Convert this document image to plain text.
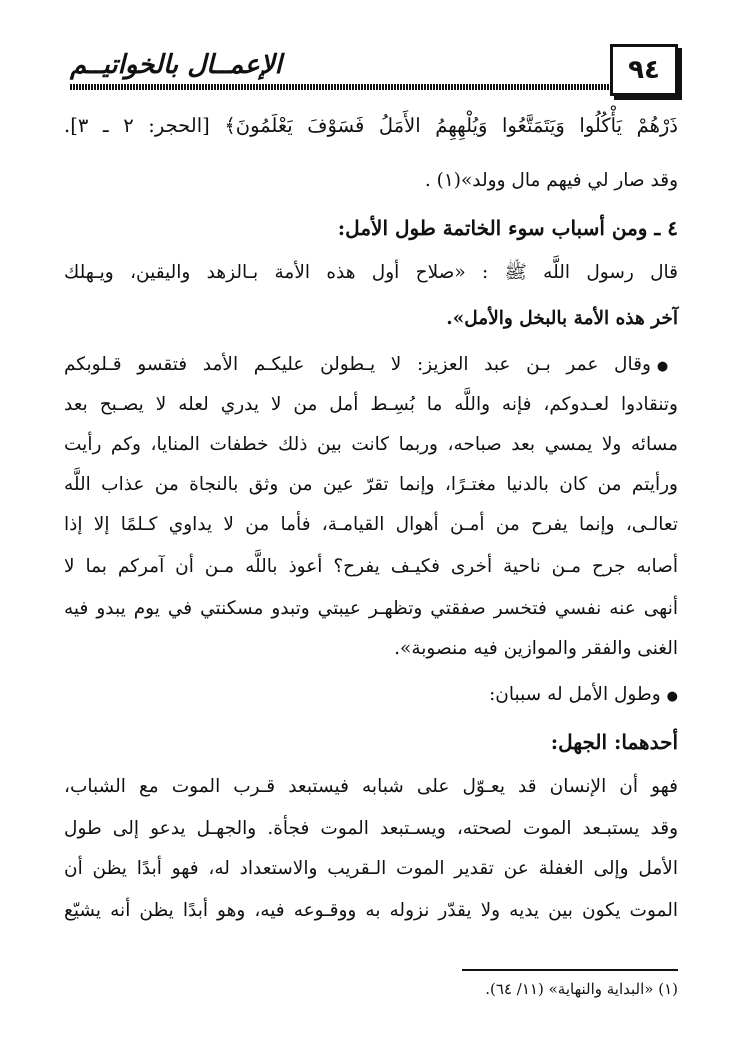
الإعمــال بالخواتيــم	٩٤
ذَرْهُمْ يَأْكُلُوا وَيَتَمَتَّعُوا وَيُلْهِهِمُ الأَمَلُ فَسَوْفَ يَعْلَمُونَ﴾ [الحجر: ٢ ـ ٣].
وقد صار لي فيهم مال وولد»(١) .
٤ ـ ومن أسباب سوء الخاتمة طول الأمل:
قال رسول اللَّه ﷺ : «صلاح أول هذه الأمة بـالزهد واليقين، ويـهلك
آخر هذه الأمة بالبخل والأمل».
● وقال عمر بـن عبد العزيز: لا يـطولن عليكـم الأمد فتقسو قـلوبكم
وتنقادوا لعـدوكم، فإنه واللَّه ما بُسِـط أمل من لا يدري لعله لا يصـبح بعد
مسائه ولا يمسي بعد صباحه، وربما كانت بين ذلك خطفات المنايا، وكم رأيت
ورأيتم من كان بالدنيا مغتـرًا، وإنما تقرّ عين من وثق بالنجاة من عذاب اللَّه
تعالـى، وإنما يفرح من أمـن أهوال القيامـة، فأما من لا يداوي كـلمًا إلا إذا
أصابه جرح مـن ناحية أخرى فكيـف يفرح؟ أعوذ باللَّه مـن أن آمركم بما لا
أنهى عنه نفسي فتخسر صفقتي وتظهـر عيبتي وتبدو مسكنتي في يوم يبدو فيه
الغنى والفقر والموازين فيه منصوبة».
● وطول الأمل له سببان:
أحدهما: الجهل:
فهو أن الإنسان قد يعـوّل على شبابه فيستبعد قـرب الموت مع الشباب،
وقد يستبـعد الموت لصحته، ويسـتبعد الموت فجأة. والجهـل يدعو إلى طول
الأمل وإلى الغفلة عن تقدير الموت الـقريب والاستعداد له، فهو أبدًا يظن أن
الموت يكون بين يديه ولا يقدّر نزوله به ووقـوعه فيه، وهو أبدًا يظن أنه يشيّع
(١) «البداية والنهاية» (١١/ ٦٤).
